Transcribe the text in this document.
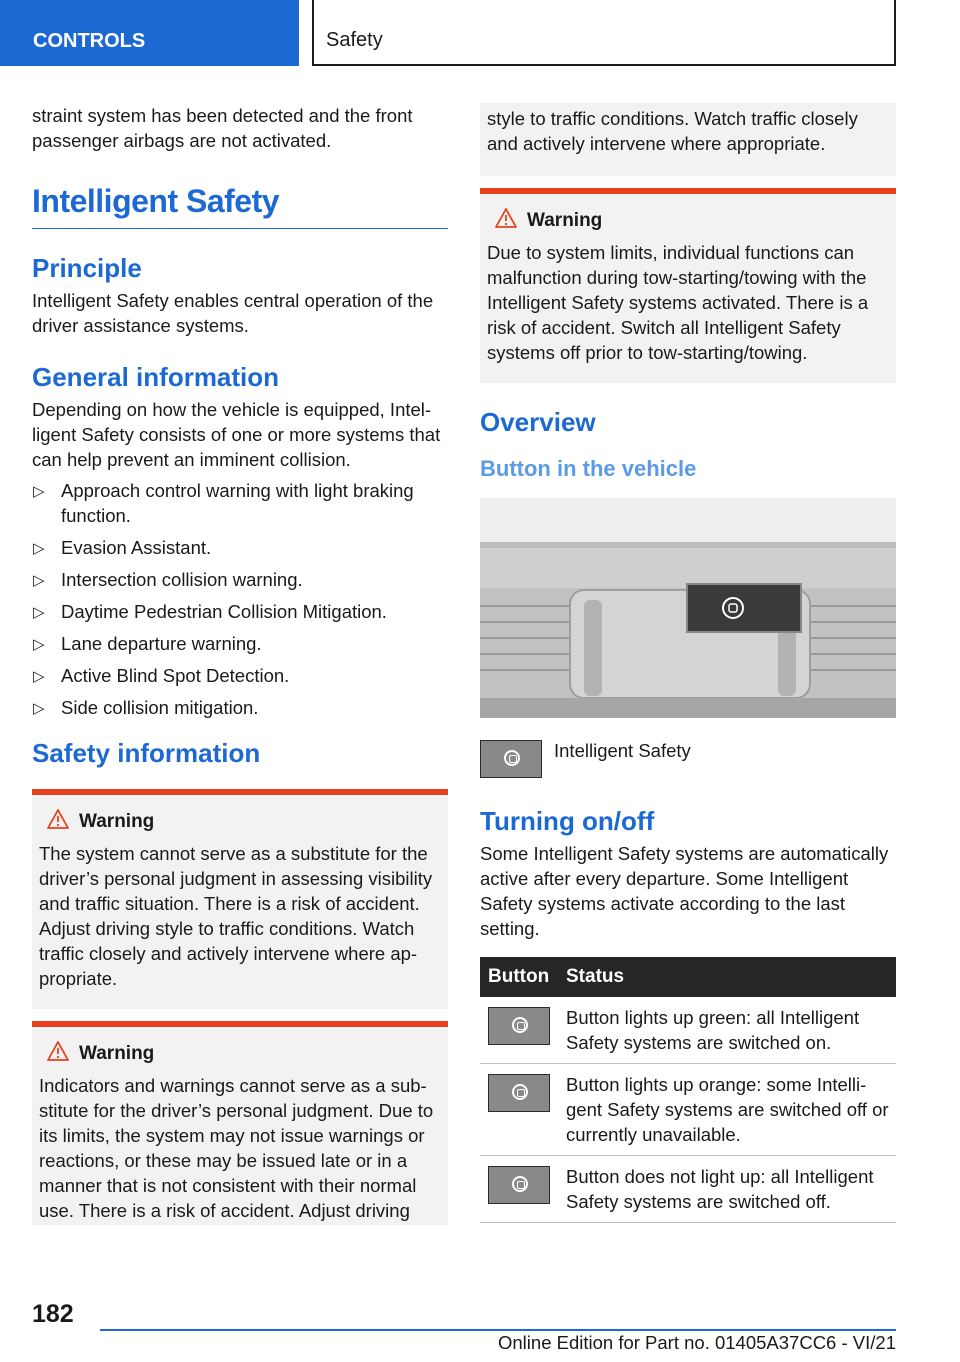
CONTROLS	Safety

straint system has been detected and the front passenger airbags are not activated.

Intelligent Safety
Principle

Intelligent Safety enables central operation of the driver assistance systems.

General information

Depending on how the vehicle is equipped, Intelligent Safety consists of one or more systems that can help prevent an imminent collision.

▷ Approach control warning with light braking function.
▷ Evasion Assistant.
▷ Intersection collision warning.
▷ Daytime Pedestrian Collision Mitigation.
▷ Lane departure warning.
▷ Active Blind Spot Detection.
▷ Side collision mitigation.
Safety information
Warning

The system cannot serve as a substitute for the driver’s personal judgment in assessing visibility and traffic situation. There is a risk of accident. Adjust driving style to traffic conditions. Watch traffic closely and actively intervene where appropriate.

Warning

Indicators and warnings cannot serve as a substitute for the driver’s personal judgment. Due to its limits, the system may not issue warnings or reactions, or these may be issued late or in a manner that is not consistent with their normal use. There is a risk of accident. Adjust driving

style to traffic conditions. Watch traffic closely and actively intervene where appropriate.

Warning

Due to system limits, individual functions can malfunction during tow-starting/towing with the Intelligent Safety systems activated. There is a risk of accident. Switch all Intelligent Safety systems off prior to tow-starting/towing.

Overview
Button in the vehicle
Intelligent Safety
Turning on/off

Some Intelligent Safety systems are automatically active after every departure. Some Intelligent Safety systems activate according to the last setting.

Button	Status

	Button lights up green: all Intelligent Safety systems are switched on.

	Button lights up orange: some Intelligent Safety systems are switched off or currently unavailable.

	Button does not light up: all Intelligent Safety systems are switched off.
182
Online Edition for Part no. 01405A37CC6 - VI/21
